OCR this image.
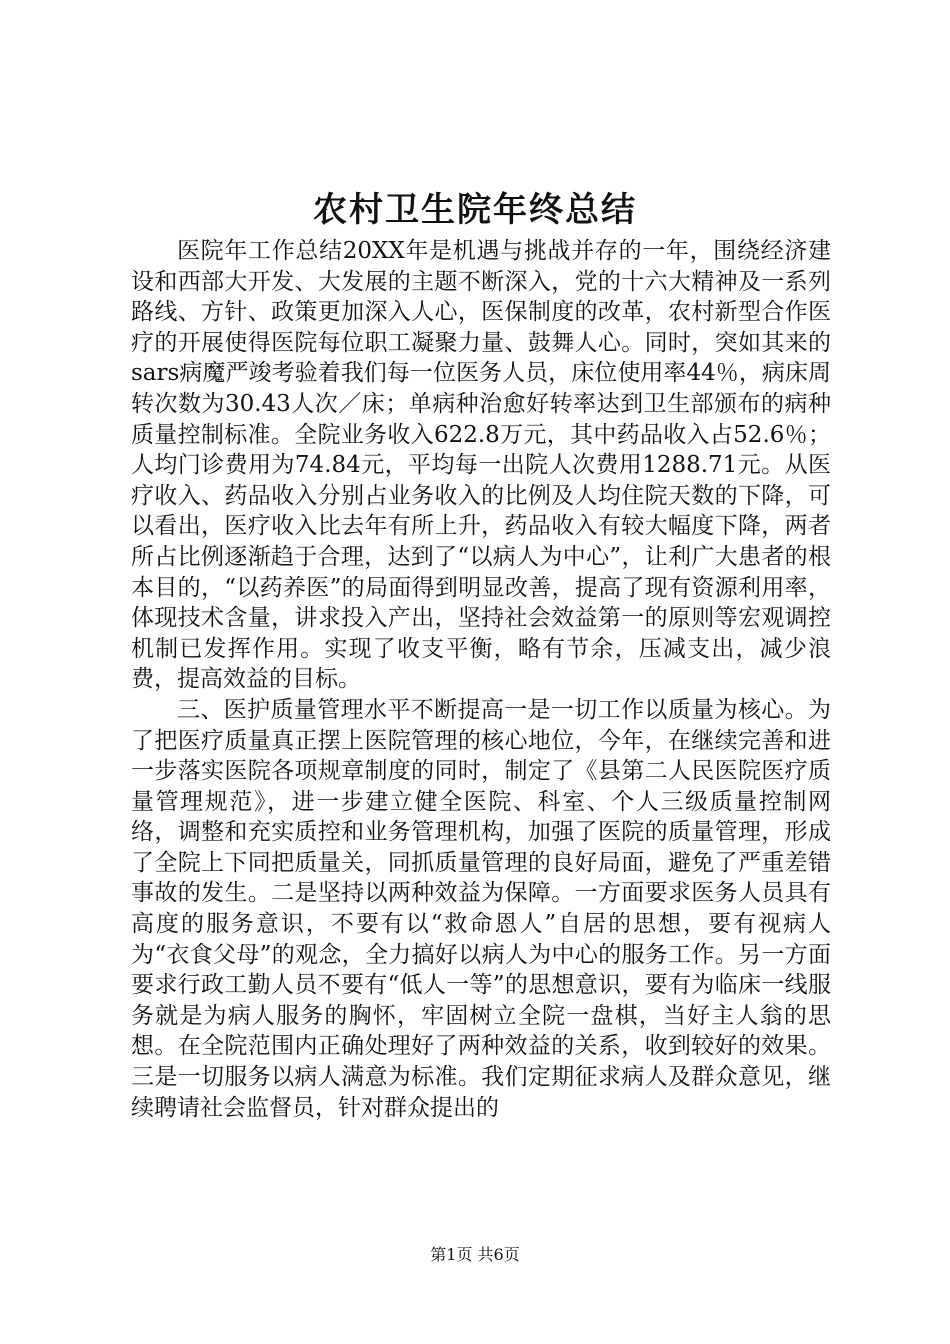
农村卫生院年终总结

医院年工作总结20XX年是机遇与挑战并存的一年，围绕经济建设和西部大开发、大发展的主题不断深入，党的十六大精神及一系列路线、方针、政策更加深入人心，医保制度的改革，农村新型合作医疗的开展使得医院每位职工凝聚力量、鼓舞人心。同时，突如其来的sars病魔严竣考验着我们每一位医务人员，床位使用率44％，病床周转次数为30.43人次／床；单病种治愈好转率达到卫生部颁布的病种质量控制标准。全院业务收入622.8万元，其中药品收入占52.6％；人均门诊费用为74.84元，平均每一出院人次费用1288.71元。从医疗收入、药品收入分别占业务收入的比例及人均住院天数的下降，可以看出，医疗收入比去年有所上升，药品收入有较大幅度下降，两者所占比例逐渐趋于合理，达到了“以病人为中心”，让利广大患者的根本目的，“以药养医”的局面得到明显改善，提高了现有资源利用率，体现技术含量，讲求投入产出，坚持社会效益第一的原则等宏观调控机制已发挥作用。实现了收支平衡，略有节余，压减支出，减少浪费，提高效益的目标。

三、医护质量管理水平不断提高一是一切工作以质量为核心。为了把医疗质量真正摆上医院管理的核心地位，今年，在继续完善和进一步落实医院各项规章制度的同时，制定了《县第二人民医院医疗质量管理规范》，进一步建立健全医院、科室、个人三级质量控制网络，调整和充实质控和业务管理机构，加强了医院的质量管理，形成了全院上下同把质量关，同抓质量管理的良好局面，避免了严重差错事故的发生。二是坚持以两种效益为保障。一方面要求医务人员具有高度的服务意识，不要有以“救命恩人”自居的思想，要有视病人为“衣食父母”的观念，全力搞好以病人为中心的服务工作。另一方面要求行政工勤人员不要有“低人一等”的思想意识，要有为临床一线服务就是为病人服务的胸怀，牢固树立全院一盘棋，当好主人翁的思想。在全院范围内正确处理好了两种效益的关系，收到较好的效果。三是一切服务以病人满意为标准。我们定期征求病人及群众意见，继续聘请社会监督员，针对群众提出的

第1页 共6页
